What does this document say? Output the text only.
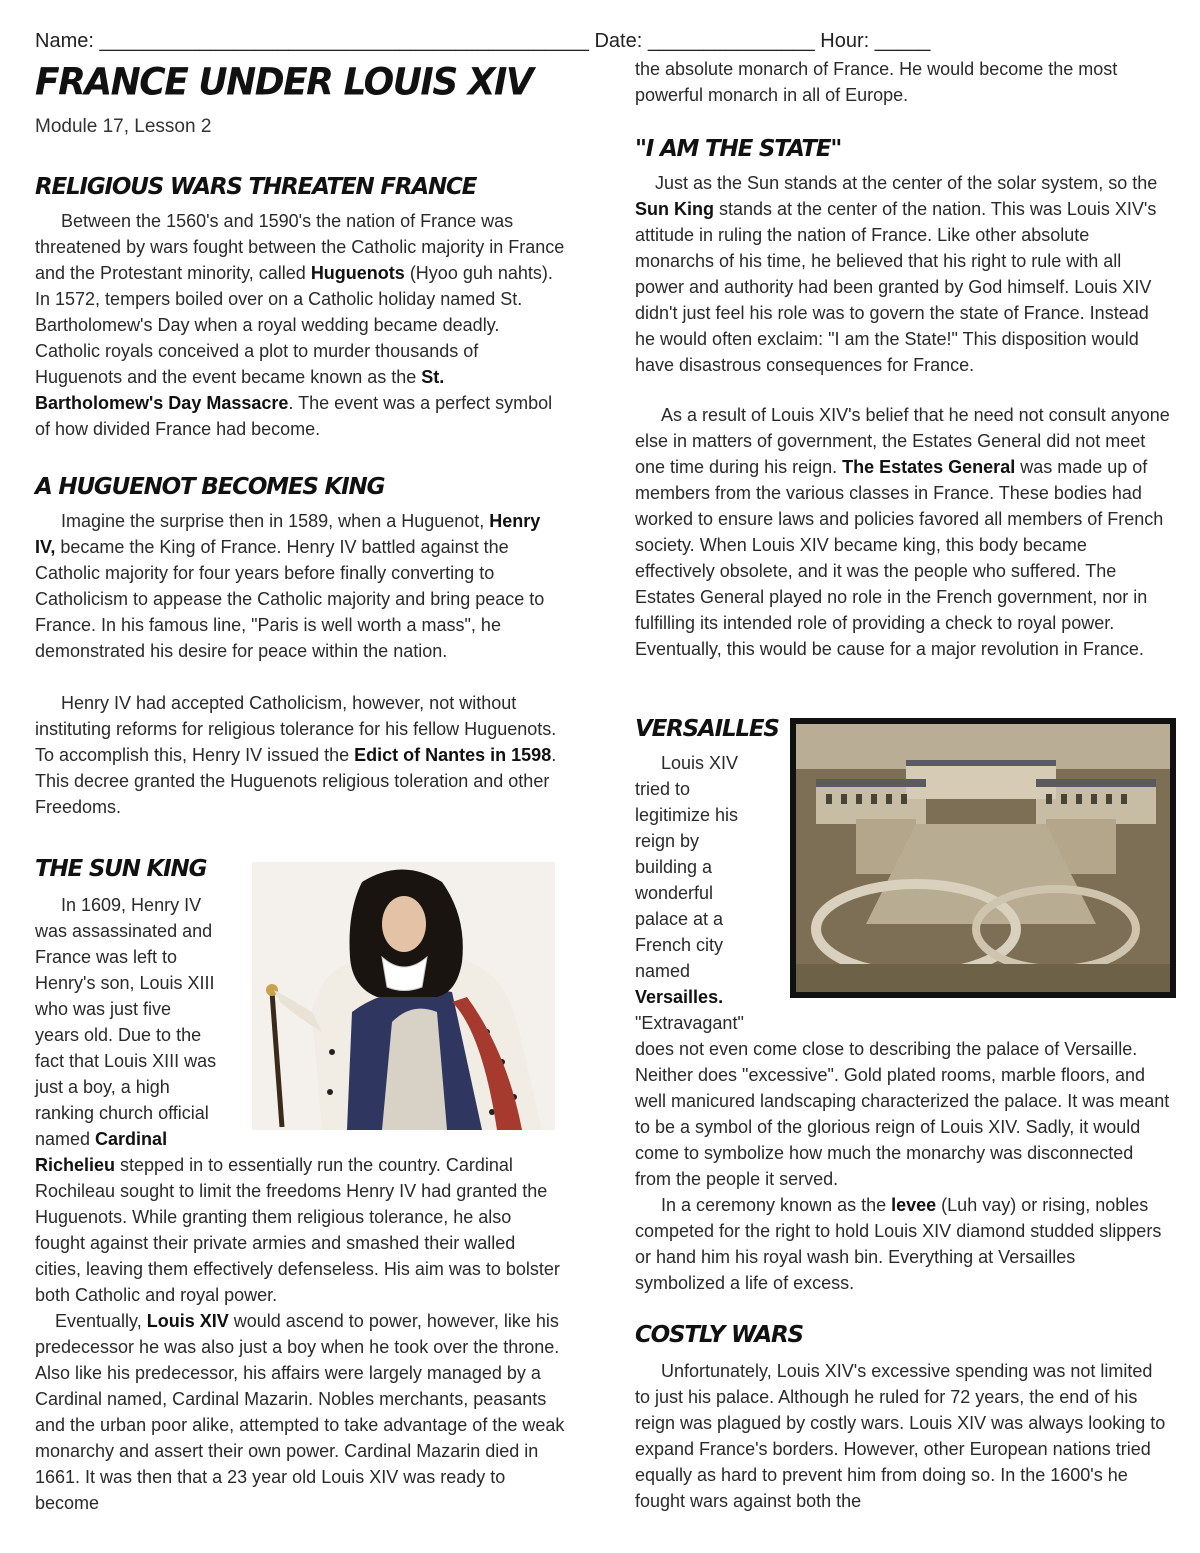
Name: ____________________________________________ Date: _______________ Hour: _____
FRANCE UNDER LOUIS XIV
Module 17, Lesson 2
RELIGIOUS WARS THREATEN FRANCE

Between the 1560's and 1590's the nation of France was threatened by wars fought between the Catholic majority in France and the Protestant minority, called Huguenots (Hyoo guh nahts). In 1572, tempers boiled over on a Catholic holiday named St. Bartholomew's Day when a royal wedding became deadly. Catholic royals conceived a plot to murder thousands of Huguenots and the event became known as the St. Bartholomew's Day Massacre. The event was a perfect symbol of how divided France had become.

A HUGUENOT BECOMES KING

Imagine the surprise then in 1589, when a Huguenot, Henry IV, became the King of France. Henry IV battled against the Catholic majority for four years before finally converting to Catholicism to appease the Catholic majority and bring peace to France. In his famous line, "Paris is well worth a mass", he demonstrated his desire for peace within the nation.

Henry IV had accepted Catholicism, however, not without instituting reforms for religious tolerance for his fellow Huguenots. To accomplish this, Henry IV issued the Edict of Nantes in 1598. This decree granted the Huguenots religious toleration and other Freedoms.

THE SUN KING

In 1609, Henry IV

was assassinated and

France was left to

Henry's son, Louis XIII

who was just five

years old. Due to the

fact that Louis XIII was

just a boy, a high

ranking church official

named Cardinal

Richelieu stepped in to essentially run the country. Cardinal Rochileau sought to limit the freedoms Henry IV had granted the Huguenots. While granting them religious tolerance, he also fought against their private armies and smashed their walled cities, leaving them effectively defenseless. His aim was to bolster both Catholic and royal power.

Eventually, Louis XIV would ascend to power, however, like his predecessor he was also just a boy when he took over the throne. Also like his predecessor, his affairs were largely managed by a Cardinal named, Cardinal Mazarin. Nobles merchants, peasants and the urban poor alike, attempted to take advantage of the weak monarchy and assert their own power. Cardinal Mazarin died in 1661. It was then that a 23 year old Louis XIV was ready to become

the absolute monarch of France. He would become the most powerful monarch in all of Europe.

"I AM THE STATE"

Just as the Sun stands at the center of the solar system, so the Sun King stands at the center of the nation. This was Louis XIV's attitude in ruling the nation of France. Like other absolute monarchs of his time, he believed that his right to rule with all power and authority had been granted by God himself. Louis XIV didn't just feel his role was to govern the state of France. Instead he would often exclaim: "I am the State!" This disposition would have disastrous consequences for France.

As a result of Louis XIV's belief that he need not consult anyone else in matters of government, the Estates General did not meet one time during his reign. The Estates General was made up of members from the various classes in France. These bodies had worked to ensure laws and policies favored all members of French society. When Louis XIV became king, this body became effectively obsolete, and it was the people who suffered. The Estates General played no role in the French government, nor in fulfilling its intended role of providing a check to royal power. Eventually, this would be cause for a major revolution in France.

VERSAILLES

Louis XIV

tried to

legitimize his

reign by

building a

wonderful

palace at a

French city

named

Versailles.

"Extravagant"

does not even come close to describing the palace of Versaille. Neither does "excessive". Gold plated rooms, marble floors, and well manicured landscaping characterized the palace. It was meant to be a symbol of the glorious reign of Louis XIV. Sadly, it would come to symbolize how much the monarchy was disconnected from the people it served.

In a ceremony known as the levee (Luh vay) or rising, nobles competed for the right to hold Louis XIV diamond studded slippers or hand him his royal wash bin. Everything at Versailles symbolized a life of excess.

COSTLY WARS

Unfortunately, Louis XIV's excessive spending was not limited to just his palace. Although he ruled for 72 years, the end of his reign was plagued by costly wars. Louis XIV was always looking to expand France's borders. However, other European nations tried equally as hard to prevent him from doing so. In the 1600's he fought wars against both the
